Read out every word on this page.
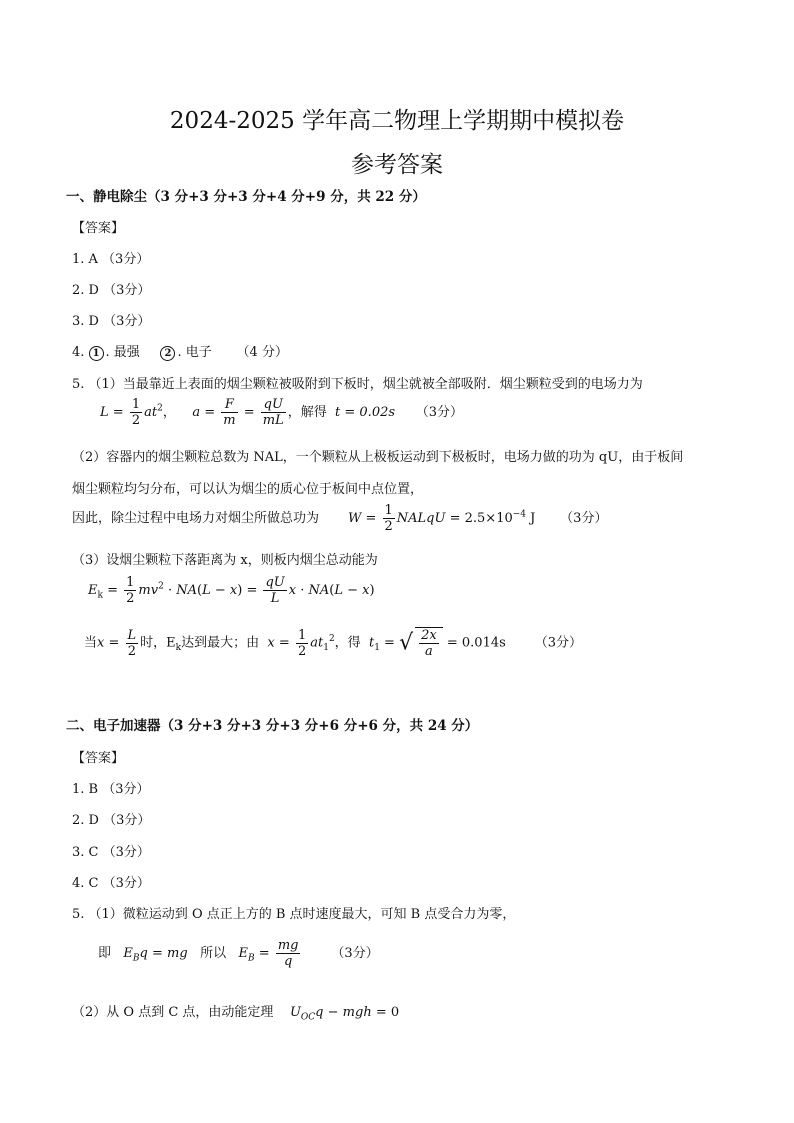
2024-2025 学年高二物理上学期期中模拟卷
参考答案
一、静电除尘（3 分+3 分+3 分+4 分+9 分，共 22 分）
【答案】
1. A （3分）
2. D （3分）
3. D （3分）
4. 1 . 最强 2 . 电子 （4 分）
5. （1）当最靠近上表面的烟尘颗粒被吸附到下板时，烟尘就被全部吸附．烟尘颗粒受到的电场力为
$L = \frac{1}{2} at^2$，    $a = \frac{F}{m} = \frac{qU}{mL}$ ，解得 t = 0.02s （3分）
（2）容器内的烟尘颗粒总数为 NAL，一个颗粒从上极板运动到下极板时，电场力做的功为 qU，由于板间
烟尘颗粒均匀分布，可以认为烟尘的质心位于板间中点位置，
因此，除尘过程中电场力对烟尘所做总功为 $W = \frac{1}{2}$ NALqU = $2.5\times 10^{-4}$ J      （3分）
（3）设烟尘颗粒下落距离为 x，则板内烟尘总动能为
$E_k = \frac{1}{2} mv^2 \cdot NA(L - x) = \frac{qU}{L}$ x · NA(L − x)
当$x = \frac{L}{2}$ 时，$E_k$达到最大；由 $x = \frac{1}{2} at_1^2$，得 $t_1$ = √ $\frac{2x}{a} = 0.014s$ （3分）
二、电子加速器（3 分+3 分+3 分+3 分+6 分+6 分，共 24 分）
【答案】
1. B （3分）
2. D （3分）
3. C （3分）
4. C （3分）
5. （1）微粒运动到 O 点正上方的 B 点时速度最大，可知 B 点受合力为零，
即 $E_Bq$ = mg 所以 $E_B = \frac{mg}{q} (3$分）
（2）从 O 点到 C 点，由动能定理 $U_{OC}q$ − mgh = 0
